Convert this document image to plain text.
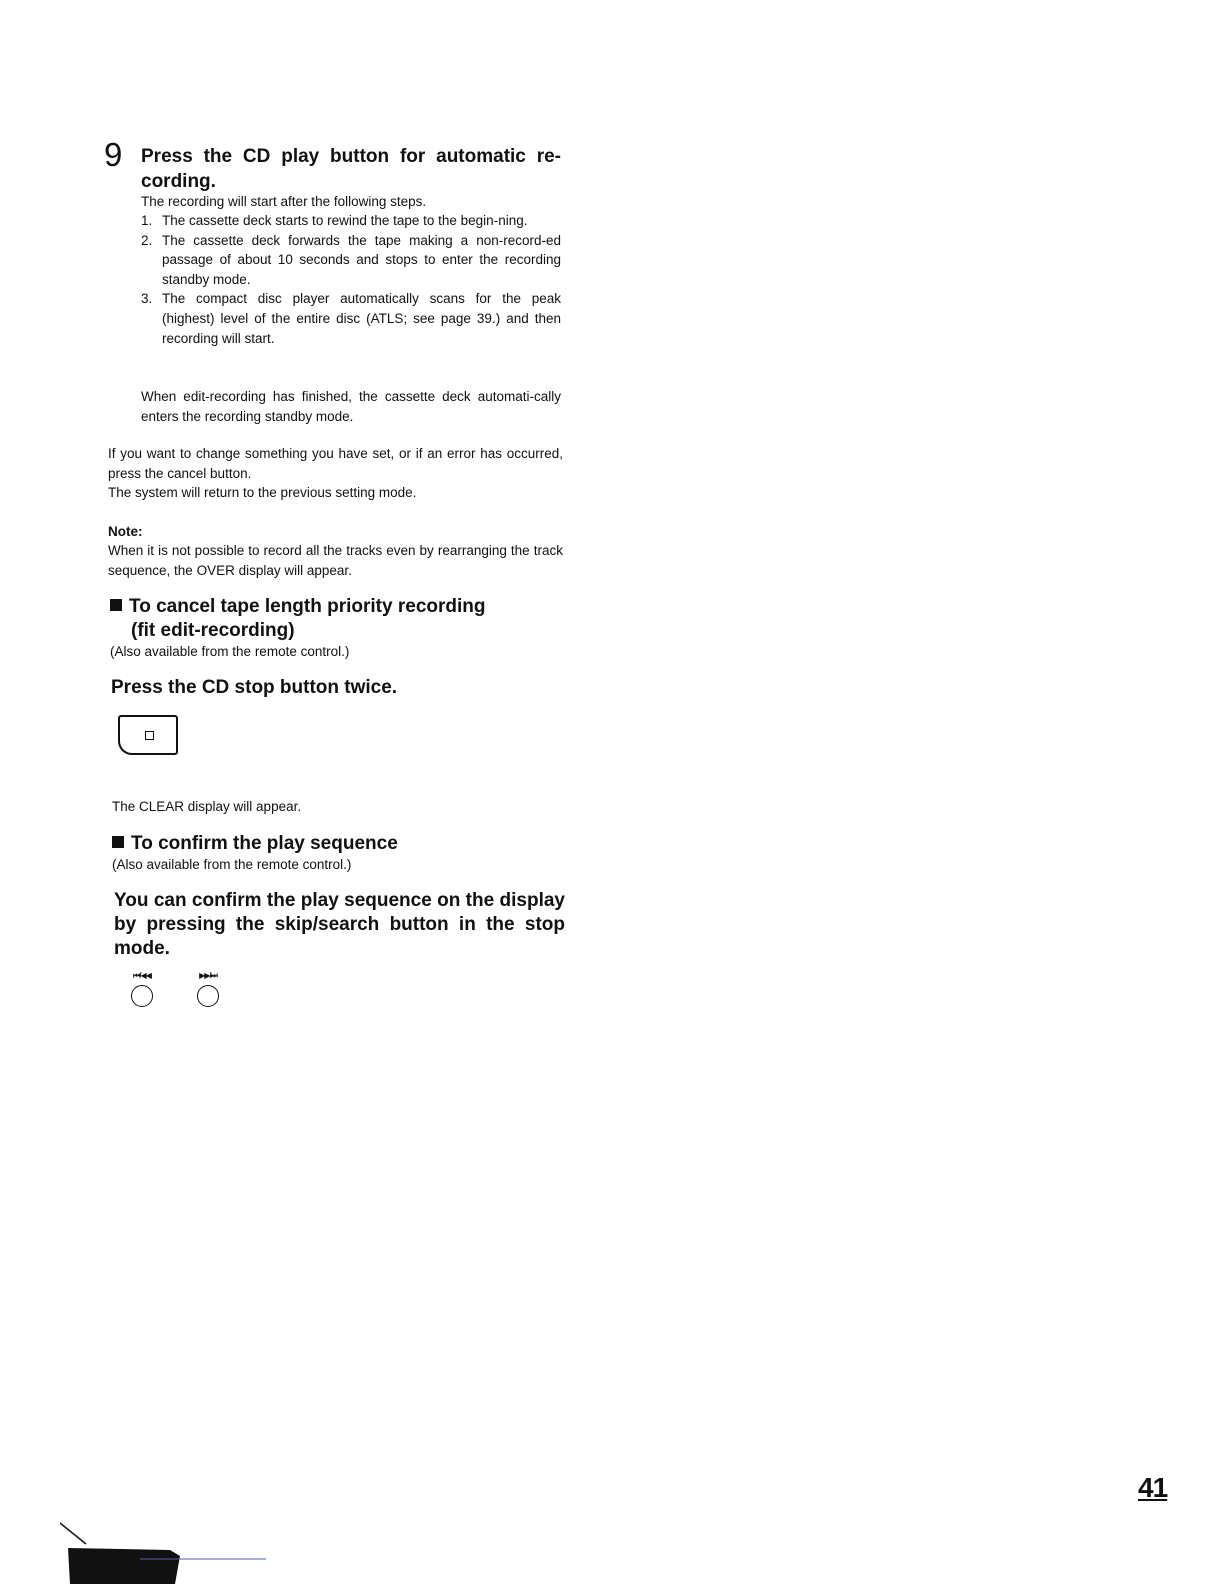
9 Press the CD play button for automatic re-cording.
The recording will start after the following steps.
1. The cassette deck starts to rewind the tape to the begin-ning.
2. The cassette deck forwards the tape making a non-record-ed passage of about 10 seconds and stops to enter the recording standby mode.
3. The compact disc player automatically scans for the peak (highest) level of the entire disc (ATLS; see page 39.) and then recording will start.
When edit-recording has finished, the cassette deck automati-cally enters the recording standby mode.
If you want to change something you have set, or if an error has occurred, press the cancel button.
The system will return to the previous setting mode.
Note:
When it is not possible to record all the tracks even by rearranging the track sequence, the OVER display will appear.
To cancel tape length priority recording
(fit edit-recording)
(Also available from the remote control.)
Press the CD stop button twice.
The CLEAR display will appear.
To confirm the play sequence
(Also available from the remote control.)
You can confirm the play sequence on the display by pressing the skip/search button in the stop mode.
⏮/◀◀	▶▶/⏭
41
